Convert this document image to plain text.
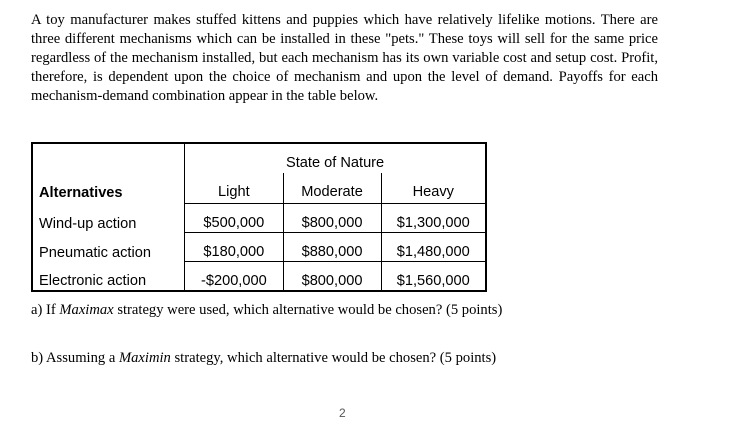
A toy manufacturer makes stuffed kittens and puppies which have relatively lifelike motions. There are three different mechanisms which can be installed in these "pets." These toys will sell for the same price regardless of the mechanism installed, but each mechanism has its own variable cost and setup cost. Profit, therefore, is dependent upon the choice of mechanism and upon the level of demand. Payoffs for each mechanism-demand combination appear in the table below.

	State of Nature		
Alternatives	Light	Moderate	Heavy
Wind-up action	$500,000	$800,000	$1,300,000
Pneumatic action	$180,000	$880,000	$1,480,000
Electronic action	-$200,000	$800,000	$1,560,000

a) If Maximax strategy were used, which alternative would be chosen? (5 points)

b) Assuming a Maximin strategy, which alternative would be chosen? (5 points)

2
